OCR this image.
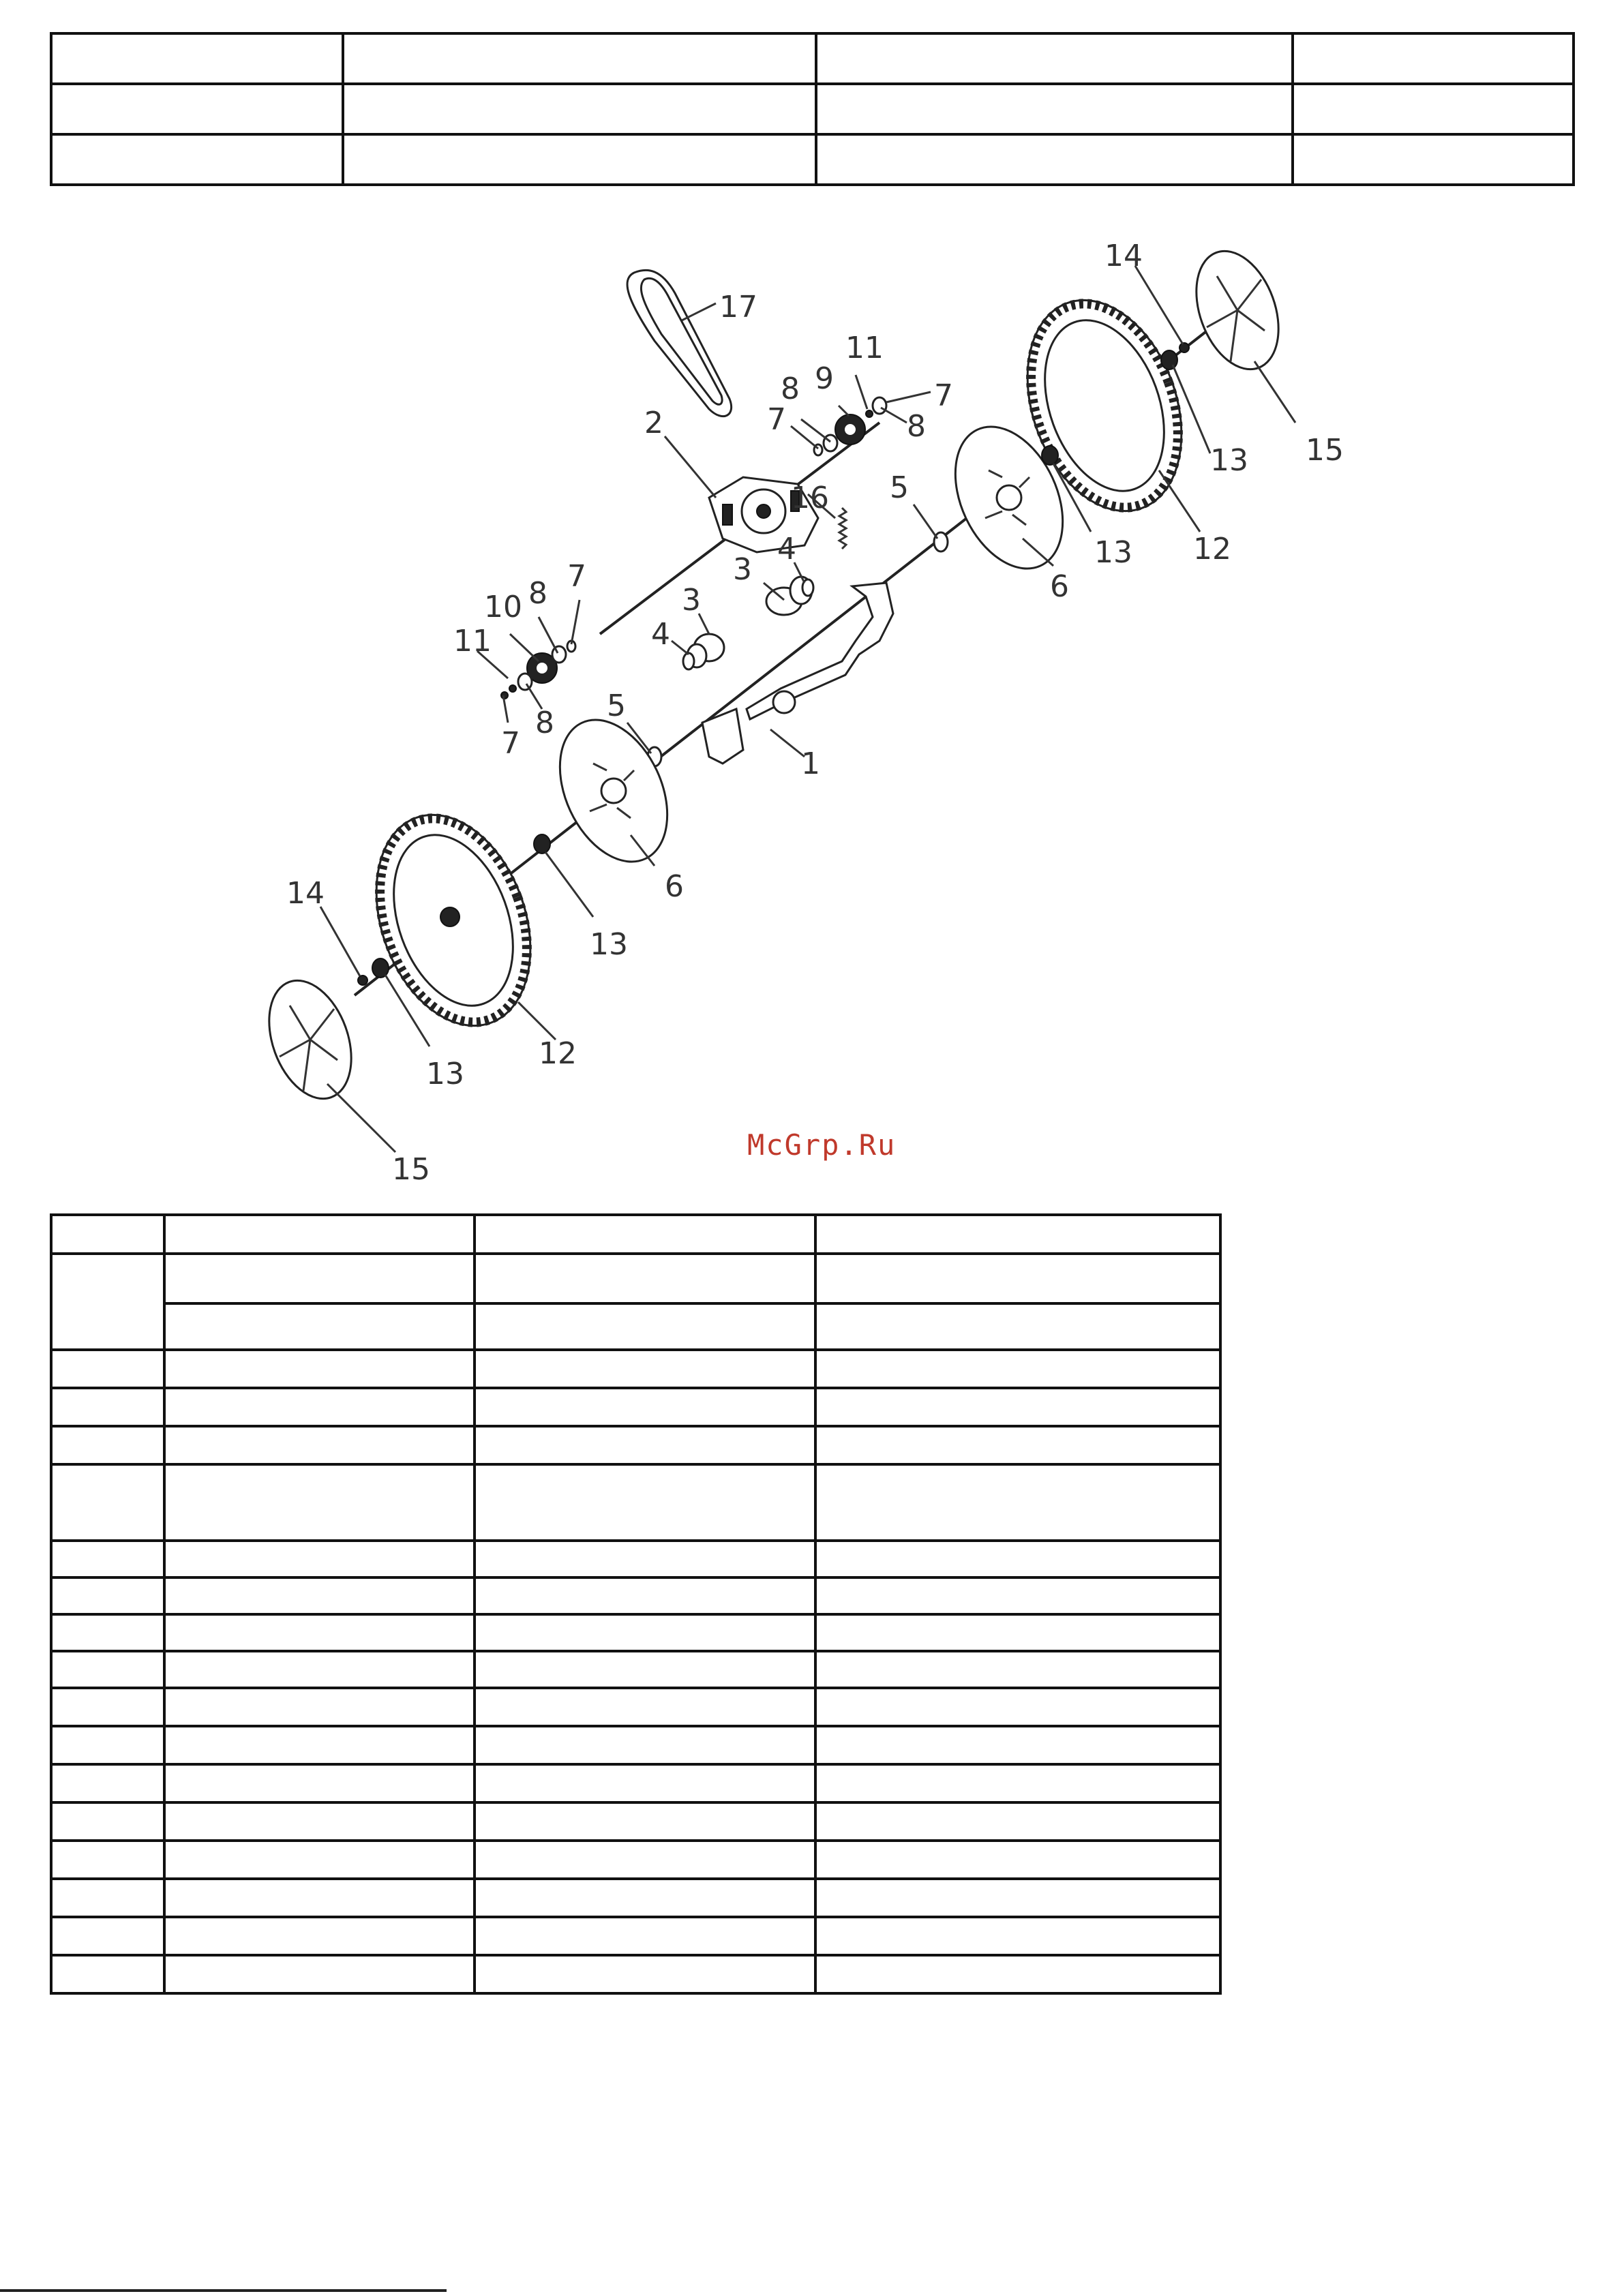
1
2
3
3
4
4
5
5
6
6
7
7
7
7
8
8
8
8
9
10
11
11
12
12
13
13
13
13
14
14
15
15
16
17
McGrp.Ru
